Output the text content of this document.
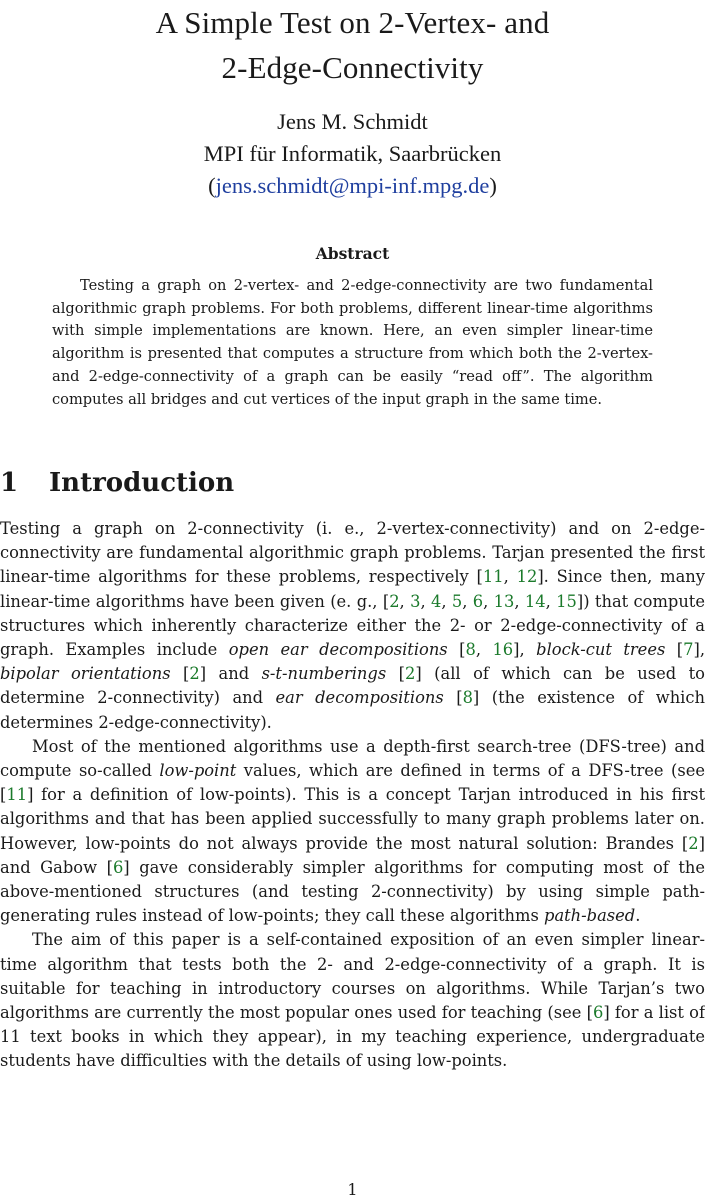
A Simple Test on 2-Vertex- and
2-Edge-Connectivity

Jens M. Schmidt

MPI für Informatik, Saarbrücken

(jens.schmidt@mpi-inf.mpg.de)

Abstract

Testing a graph on 2-vertex- and 2-edge-connectivity are two fundamental algorithmic graph problems. For both problems, different linear-time algorithms with simple implementations are known. Here, an even simpler linear-time algorithm is presented that computes a structure from which both the 2-vertex- and 2-edge-connectivity of a graph can be easily “read off”. The algorithm computes all bridges and cut vertices of the input graph in the same time.

1 Introduction

Testing a graph on 2-connectivity (i. e., 2-vertex-connectivity) and on 2-edge-connectivity are fundamental algorithmic graph problems. Tarjan presented the first linear-time algorithms for these problems, respectively [11, 12]. Since then, many linear-time algorithms have been given (e. g., [2, 3, 4, 5, 6, 13, 14, 15]) that compute structures which inherently characterize either the 2- or 2-edge-connectivity of a graph. Examples include open ear decompositions [8, 16], block-cut trees [7], bipolar orientations [2] and s-t-numberings [2] (all of which can be used to determine 2-connectivity) and ear decompositions [8] (the existence of which determines 2-edge-connectivity).

Most of the mentioned algorithms use a depth-first search-tree (DFS-tree) and compute so-called low-point values, which are defined in terms of a DFS-tree (see [11] for a definition of low-points). This is a concept Tarjan introduced in his first algorithms and that has been applied successfully to many graph problems later on. However, low-points do not always provide the most natural solution: Brandes [2] and Gabow [6] gave considerably simpler algorithms for computing most of the above-mentioned structures (and testing 2-connectivity) by using simple path-generating rules instead of low-points; they call these algorithms path-based.

The aim of this paper is a self-contained exposition of an even simpler linear-time algorithm that tests both the 2- and 2-edge-connectivity of a graph. It is suitable for teaching in introductory courses on algorithms. While Tarjan’s two algorithms are currently the most popular ones used for teaching (see [6] for a list of 11 text books in which they appear), in my teaching experience, undergraduate students have difficulties with the details of using low-points.

1
